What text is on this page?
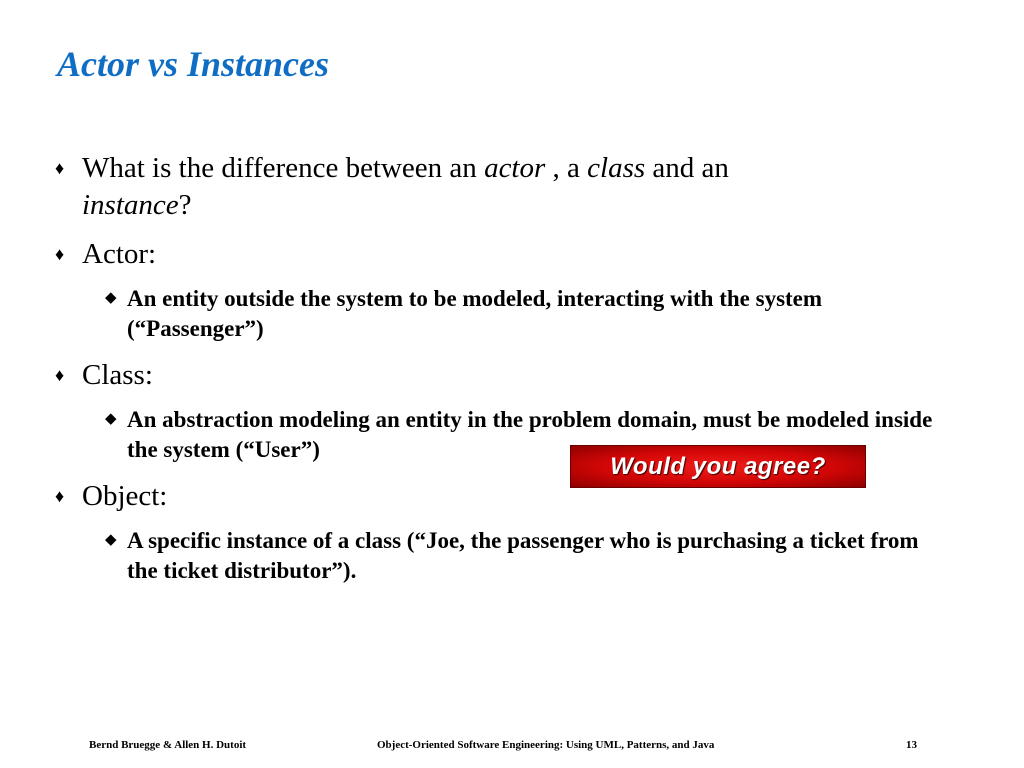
Actor vs Instances
♦ What is the difference between an actor , a class and an
instance?
♦ Actor:
◆ An entity outside the system to be modeled, interacting with the system (“Passenger”)
♦ Class:
◆ An abstraction modeling an entity in the problem domain, must be modeled inside the system (“User”)
♦ Object:
◆ A specific instance of a class (“Joe, the passenger who is purchasing a ticket from the ticket distributor”).
Would you agree?
Bernd Bruegge & Allen H. Dutoit	Object-Oriented Software Engineering: Using UML, Patterns, and Java	13
